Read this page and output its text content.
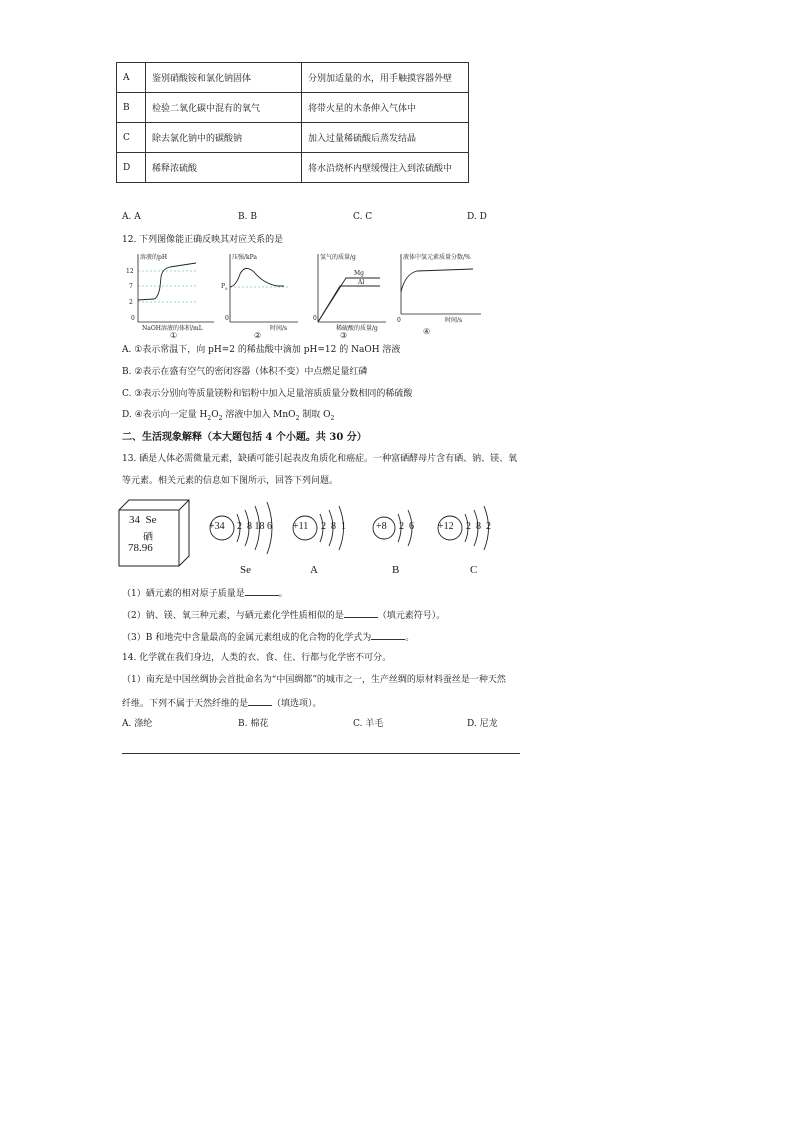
A	鉴别硝酸铵和氯化钠固体	分别加适量的水，用手触摸容器外壁
B	检验二氧化碳中混有的氧气	将带火星的木条伸入气体中
C	除去氯化钠中的碳酸钠	加入过量稀硫酸后蒸发结晶
D	稀释浓硫酸	将水沿烧杯内壁缓慢注入到浓硫酸中
A. A	B. B	C. C	D. D
12. 下列图像能正确反映其对应关系的是
溶液的pH
12
7
2
0
NaOH溶液的体积/mL
①
压强/kPa
P 0
0
时间/s
②
氢气的质量/g
Mg
Al
0
稀硫酸的质量/g
③
液体中氢元素质量分数/%
0	时间/s
④
A. ①表示常温下，向 pH=2 的稀盐酸中滴加 pH=12 的 NaOH 溶液
B. ②表示在盛有空气的密闭容器（体积不变）中点燃足量红磷
C. ③表示分别向等质量镁粉和铝粉中加入足量溶质质量分数相同的稀硫酸
D. ④表示向一定量 $H_2O_2$ 溶液中加入 MnO$_2$ 制取 $O_2$
二、生活现象解释（本大题包括 4 个小题。共 30 分）
13. 硒是人体必需微量元素，缺硒可能引起表皮角质化和癌症。一种富硒酵母片含有硒、钠、镁、氧
等元素。相关元素的信息如下图所示，回答下列问题。
34 Se
硒
78.96
+34 2  8 18 6
Se
+11 2  8  1
A
+8 2  6
B
+12 2  8  2
C
（1）硒元素的相对原子质量是	。
（2）钠、镁、氧三种元素，与硒元素化学性质相似的是	（填元素符号）。
（3）B 和地壳中含量最高的金属元素组成的化合物的化学式为	。
14. 化学就在我们身边，人类的衣、食、住、行都与化学密不可分。
（1）南充是中国丝绸协会首批命名为“中国绸都”的城市之一，生产丝绸的原材料蚕丝是一种天然
纤维。下列不属于天然纤维的是	（填选项）。
A. 涤纶	B. 棉花	C. 羊毛	D. 尼龙
